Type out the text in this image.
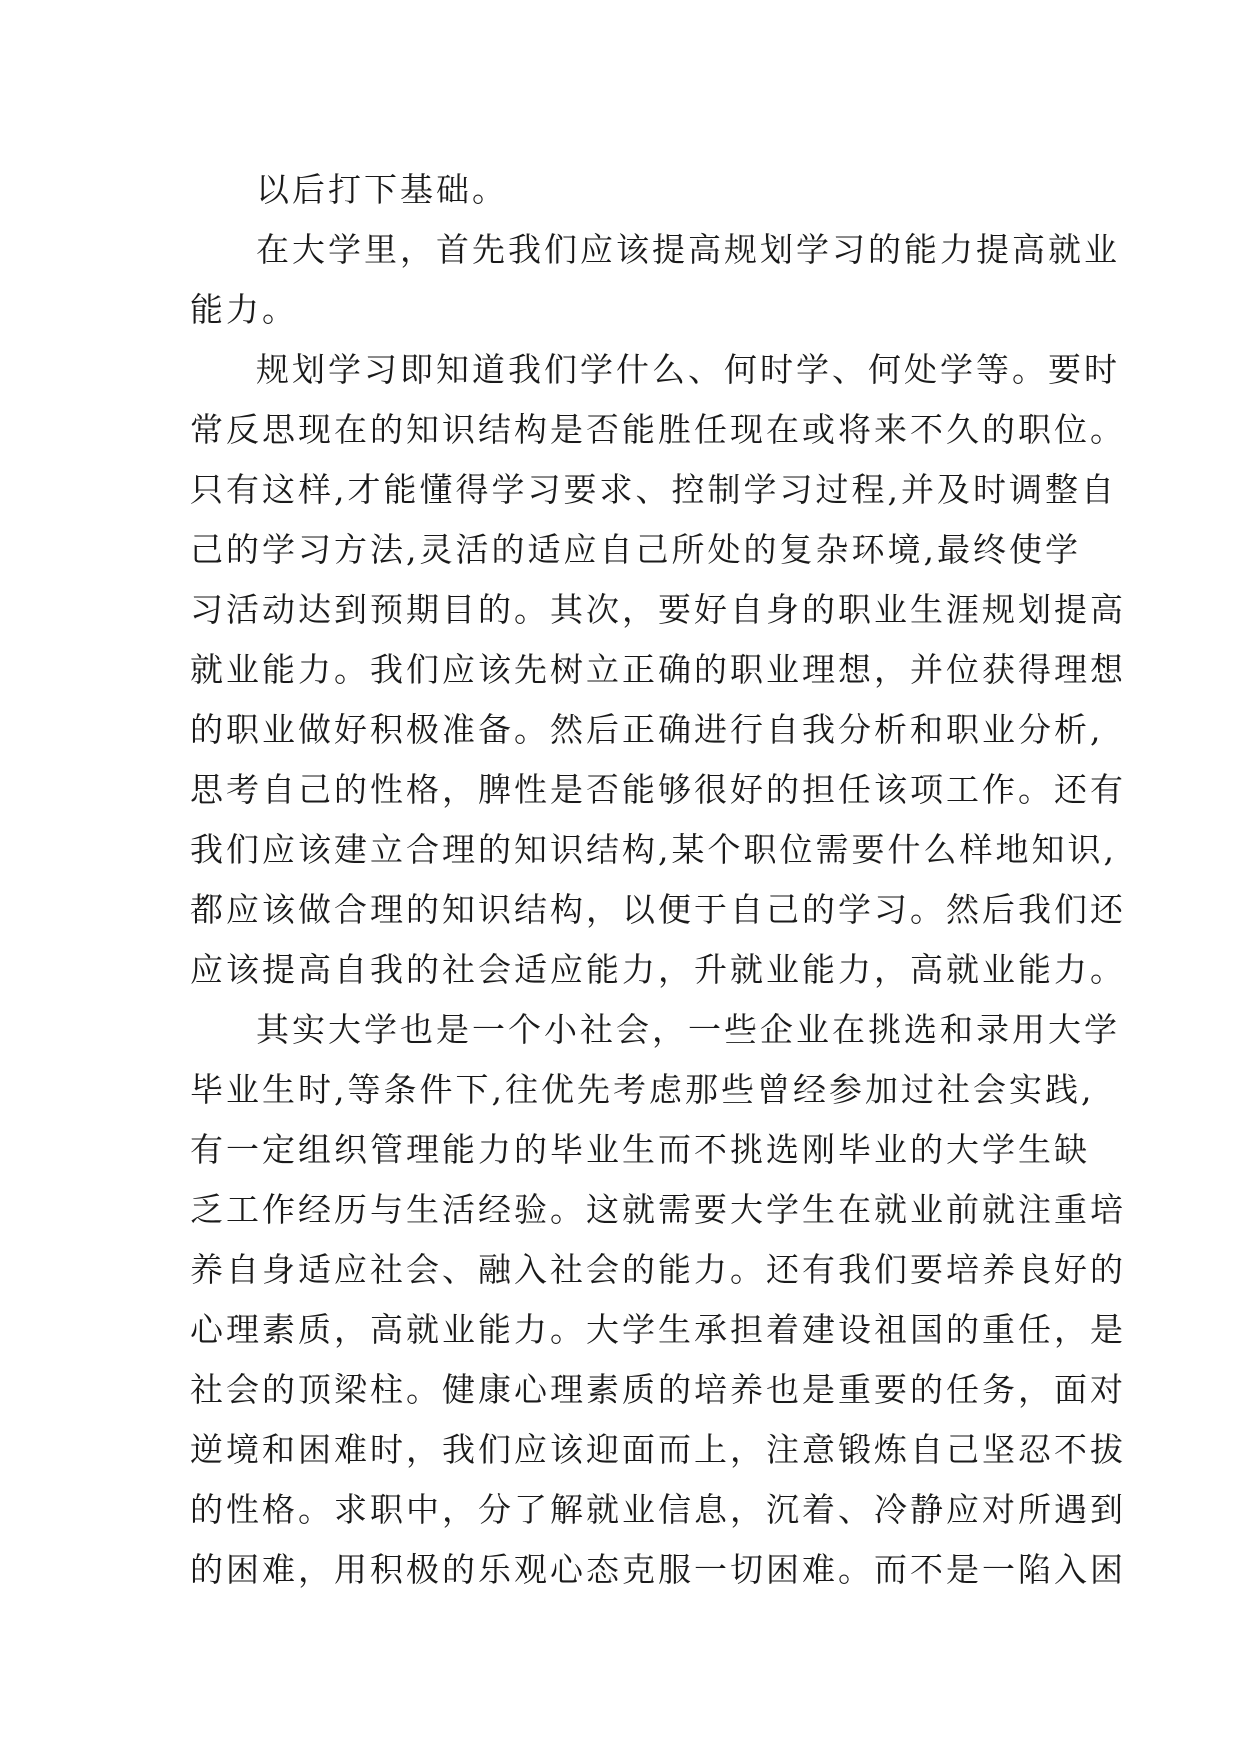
以后打下基础。
在大学里，首先我们应该提高规划学习的能力提高就业
能力。
规划学习即知道我们学什么、何时学、何处学等。要时
常反思现在的知识结构是否能胜任现在或将来不久的职位。
只有这样,才能懂得学习要求、控制学习过程,并及时调整自
己的学习方法,灵活的适应自己所处的复杂环境,最终使学
习活动达到预期目的。其次，要好自身的职业生涯规划提高
就业能力。我们应该先树立正确的职业理想，并位获得理想
的职业做好积极准备。然后正确进行自我分析和职业分析,
思考自己的性格，脾性是否能够很好的担任该项工作。还有
我们应该建立合理的知识结构,某个职位需要什么样地知识,
都应该做合理的知识结构，以便于自己的学习。然后我们还
应该提高自我的社会适应能力，升就业能力，高就业能力。
其实大学也是一个小社会，一些企业在挑选和录用大学
毕业生时,等条件下,往优先考虑那些曾经参加过社会实践,
有一定组织管理能力的毕业生而不挑选刚毕业的大学生缺
乏工作经历与生活经验。这就需要大学生在就业前就注重培
养自身适应社会、融入社会的能力。还有我们要培养良好的
心理素质，高就业能力。大学生承担着建设祖国的重任，是
社会的顶梁柱。健康心理素质的培养也是重要的任务，面对
逆境和困难时，我们应该迎面而上，注意锻炼自己坚忍不拔
的性格。求职中，分了解就业信息，沉着、冷静应对所遇到
的困难，用积极的乐观心态克服一切困难。而不是一陷入困
